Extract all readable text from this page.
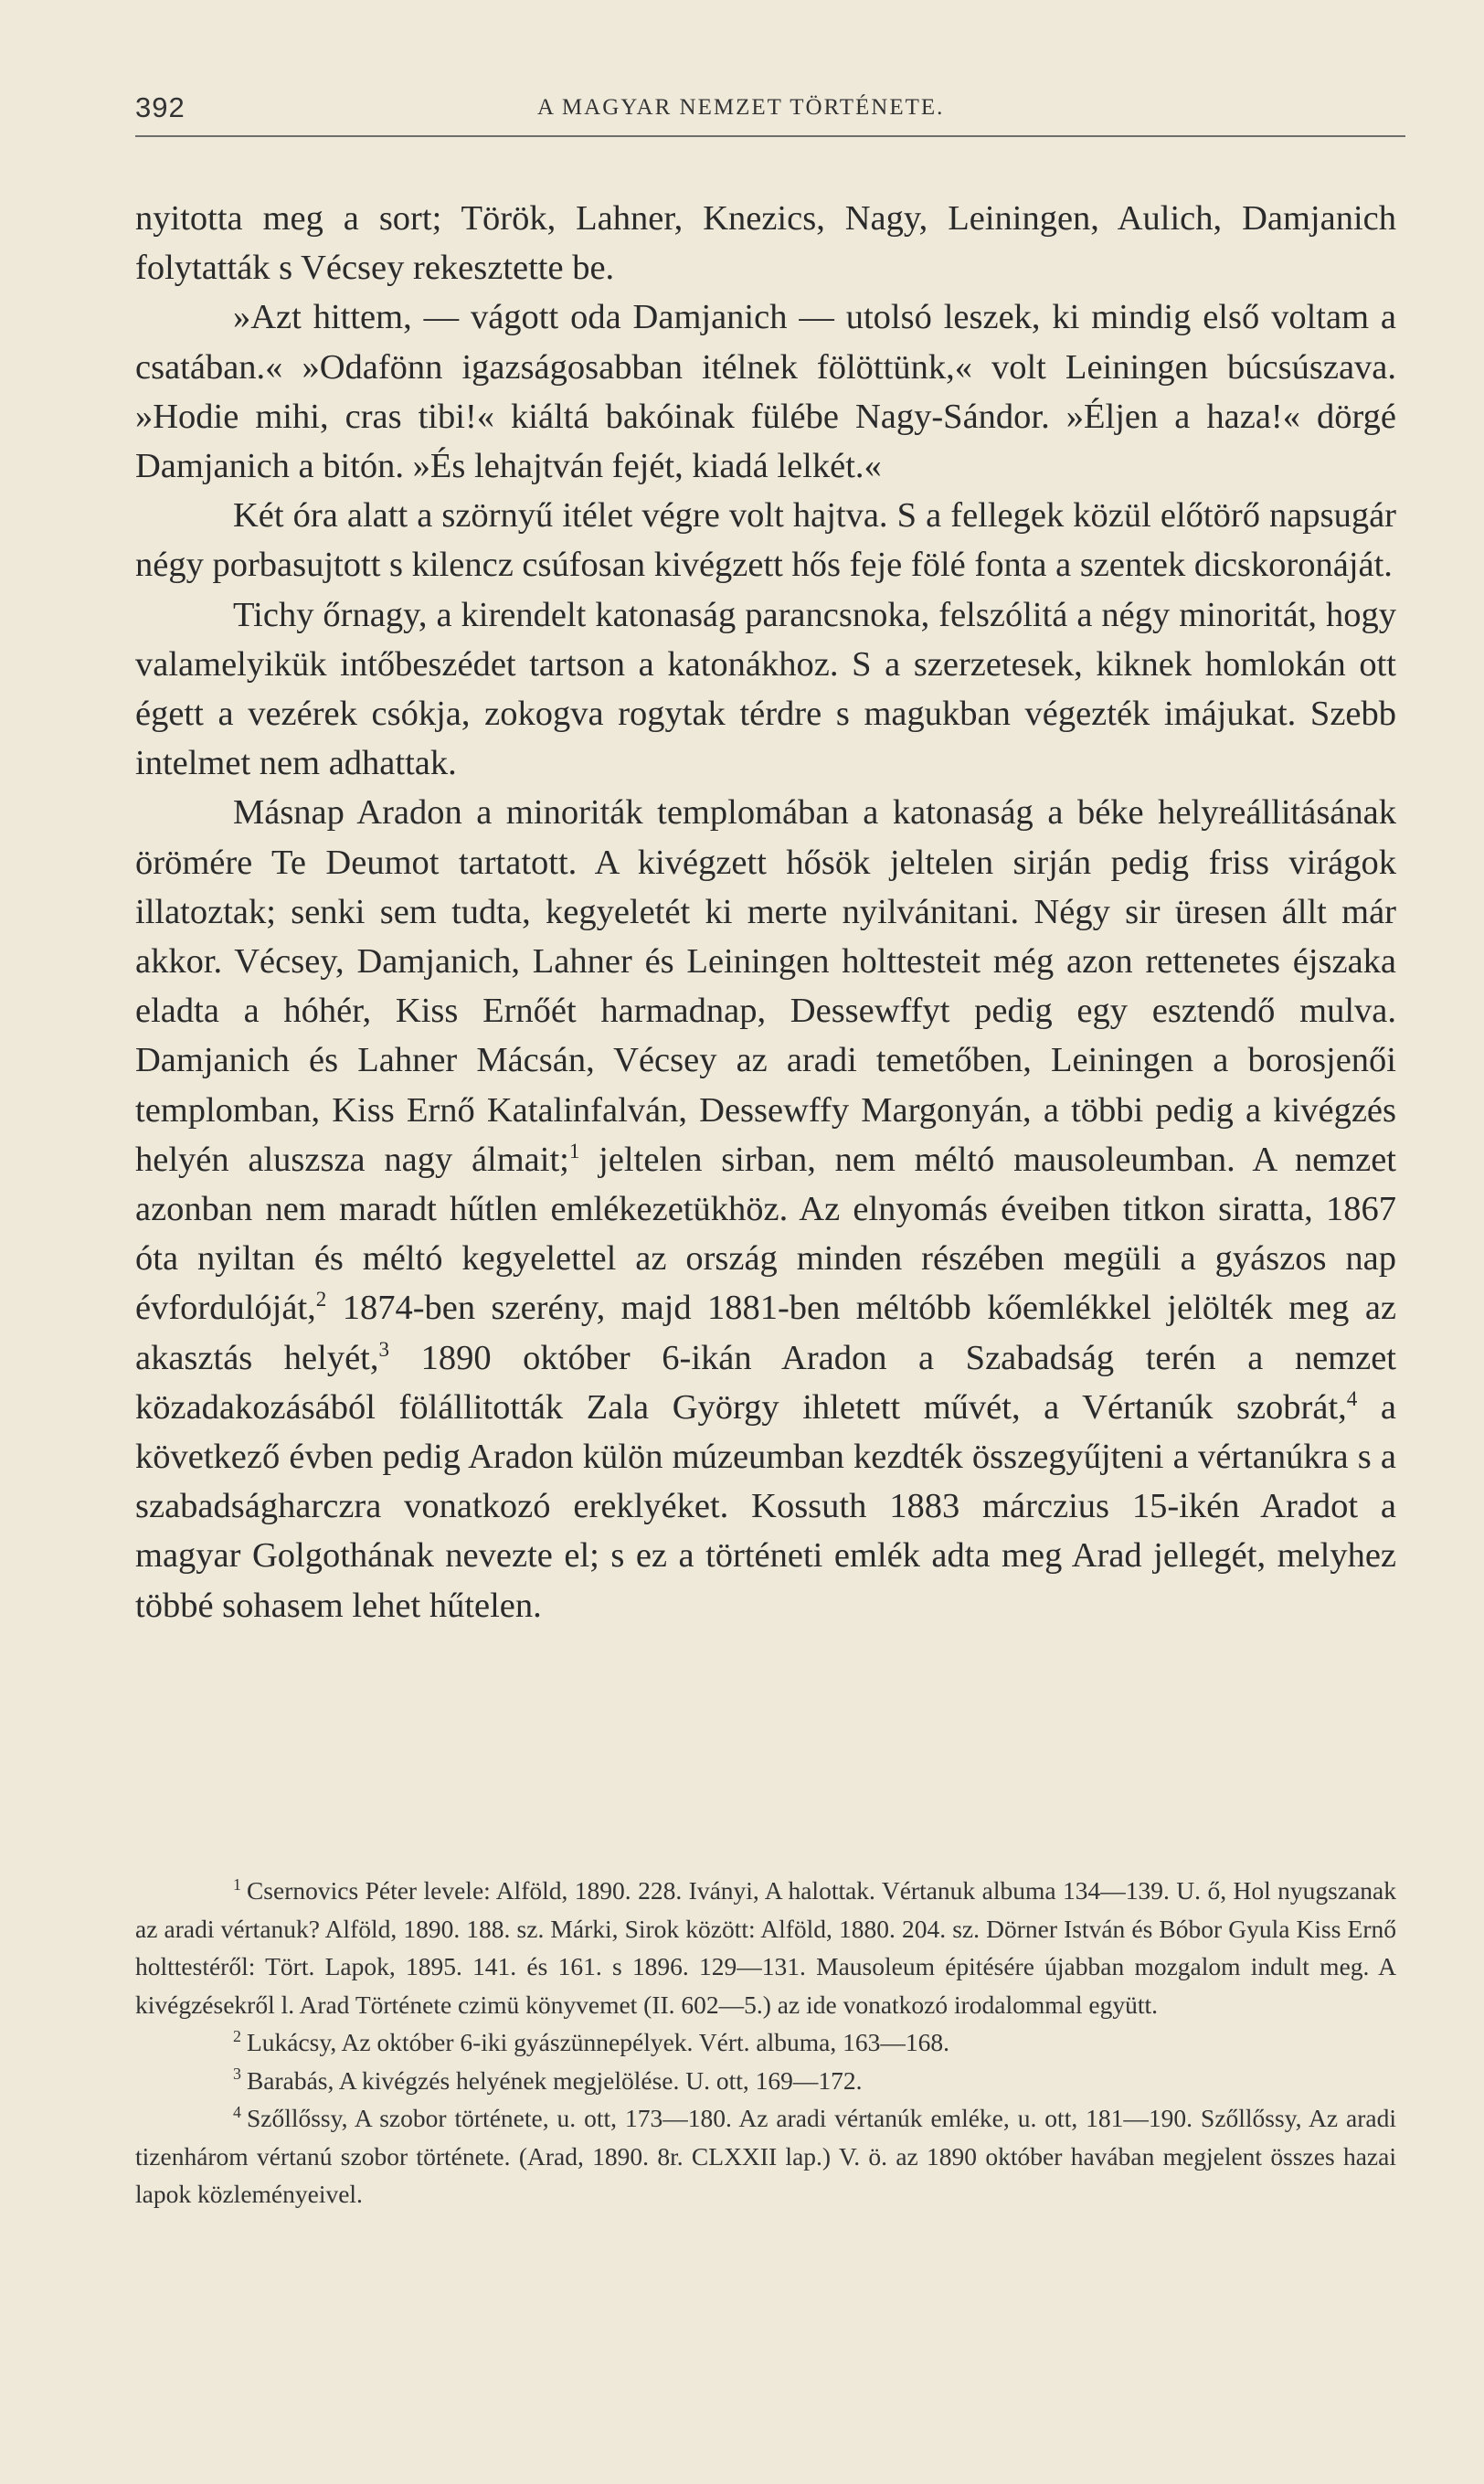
392	A MAGYAR NEMZET TÖRTÉNETE.

nyitotta meg a sort; Török, Lahner, Knezics, Nagy, Leiningen, Aulich, Damjanich folytatták s Vécsey rekesztette be.

»Azt hittem, — vágott oda Damjanich — utolsó leszek, ki mindig első voltam a csatában.« »Odafönn igazságosabban itélnek fölöttünk,« volt Leiningen búcsúszava. »Hodie mihi, cras tibi!« kiáltá bakóinak fülébe Nagy-Sándor. »Éljen a haza!« dörgé Damjanich a bitón. »És lehajtván fejét, kiadá lelkét.«

Két óra alatt a szörnyű itélet végre volt hajtva. S a fellegek közül előtörő napsugár négy porbasujtott s kilencz csúfosan kivégzett hős feje fölé fonta a szentek dicskoronáját.

Tichy őrnagy, a kirendelt katonaság parancsnoka, felszólitá a négy minoritát, hogy valamelyikük intőbeszédet tartson a katonákhoz. S a szerzetesek, kiknek homlokán ott égett a vezérek csókja, zokogva rogytak térdre s magukban végezték imájukat. Szebb intelmet nem adhattak.

Másnap Aradon a minoriták templomában a katonaság a béke helyreállitásának örömére Te Deumot tartatott. A kivégzett hősök jeltelen sirján pedig friss virágok illatoztak; senki sem tudta, kegyeletét ki merte nyilvánitani. Négy sir üresen állt már akkor. Vécsey, Damjanich, Lahner és Leiningen holttesteit még azon rettenetes éjszaka eladta a hóhér, Kiss Ernőét harmadnap, Dessewffyt pedig egy esztendő mulva. Damjanich és Lahner Mácsán, Vécsey az aradi temetőben, Leiningen a borosjenői templomban, Kiss Ernő Katalinfalván, Dessewffy Margonyán, a többi pedig a kivégzés helyén aluszsza nagy álmait;$^1$ jeltelen sirban, nem méltó mausoleumban. A nemzet azonban nem maradt hűtlen emlékezetükhöz. Az elnyomás éveiben titkon siratta, 1867 óta nyiltan és méltó kegyelettel az ország minden részében megüli a gyászos nap évfordulóját,$^2$ 1874-ben szerény, majd 1881-ben méltóbb kőemlékkel jelölték meg az akasztás helyét,$^3$ 1890 október 6-ikán Aradon a Szabadság terén a nemzet közadakozásából fölállitották Zala György ihletett művét, a Vértanúk szobrát,$^4$ a következő évben pedig Aradon külön múzeumban kezdték összegyűjteni a vértanúkra s a szabadságharczra vonatkozó ereklyéket. Kossuth 1883 márczius 15-ikén Aradot a magyar Golgothának nevezte el; s ez a történeti emlék adta meg Arad jellegét, melyhez többé sohasem lehet hűtelen.

$^1$ Csernovics Péter levele: Alföld, 1890. 228. Iványi, A halottak. Vértanuk albuma 134—139. U. ő, Hol nyugszanak az aradi vértanuk? Alföld, 1890. 188. sz. Márki, Sirok között: Alföld, 1880. 204. sz. Dörner István és Bóbor Gyula Kiss Ernő holttestéről: Tört. Lapok, 1895. 141. és 161. s 1896. 129—131. Mausoleum épitésére újabban mozgalom indult meg. A kivégzésekről l. Arad Története czimü könyvemet (II. 602—5.) az ide vonatkozó irodalommal együtt.

$^2$ Lukácsy, Az október 6-iki gyászünnepélyek. Vért. albuma, 163—168.

$^3$ Barabás, A kivégzés helyének megjelölése. U. ott, 169—172.

$^4$ Szőllőssy, A szobor története, u. ott, 173—180. Az aradi vértanúk emléke, u. ott, 181—190. Szőllőssy, Az aradi tizenhárom vértanú szobor története. (Arad, 1890. 8r. CLXXII lap.) V. ö. az 1890 október havában megjelent összes hazai lapok közleményeivel.
